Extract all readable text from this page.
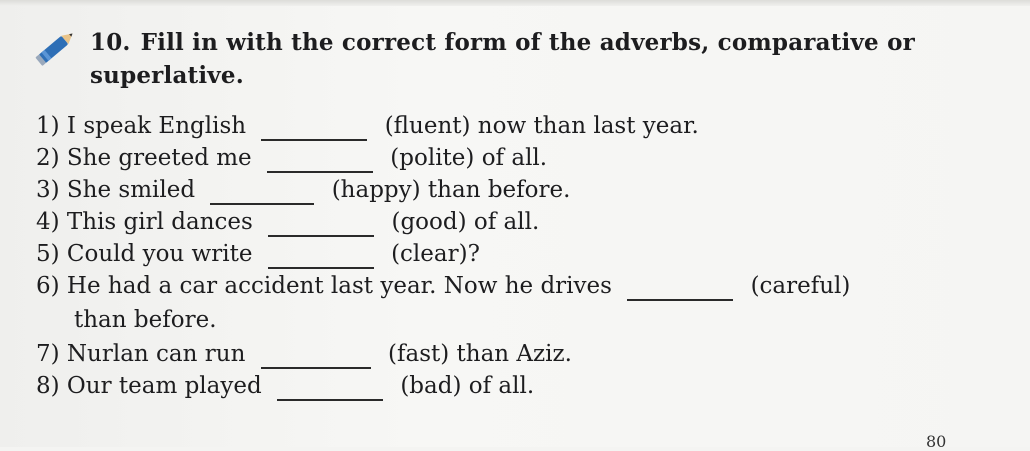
10. Fill in with the correct form of the adverbs, comparative or
superlative.
1) I speak English	(fluent) now than last year.
2) She greeted me	(polite) of all.
3) She smiled	(happy) than before.
4) This girl dances	(good) of all.
5) Could you write	(clear)?
6) He had a car accident last year. Now he drives	(careful)
than before.
7) Nurlan can run	(fast) than Aziz.
8) Our team played	(bad) of all.
80
